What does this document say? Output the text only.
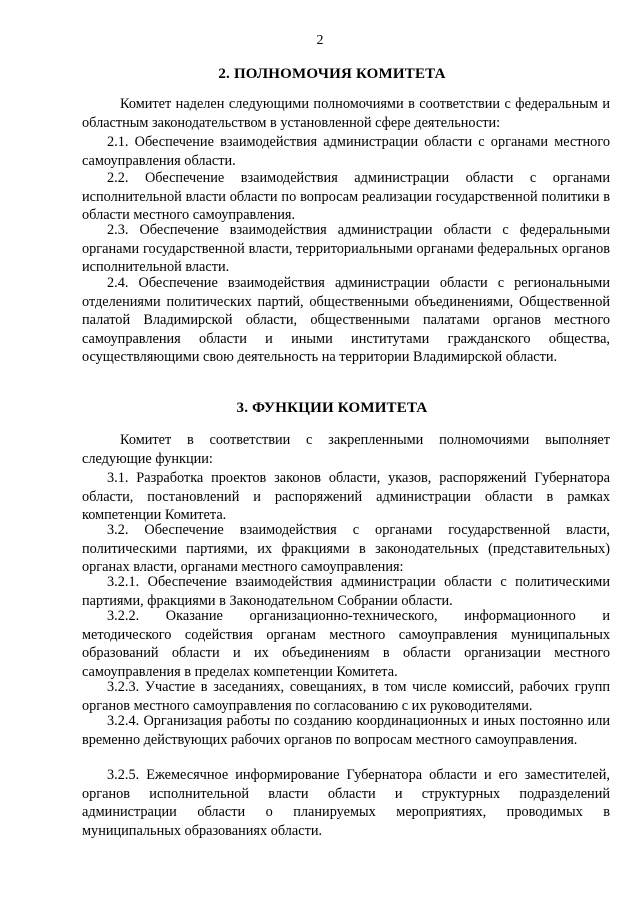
2
2. ПОЛНОМОЧИЯ КОМИТЕТА
Комитет наделен следующими полномочиями в соответствии с федеральным и областным законодательством в установленной сфере деятельности:
2.1. Обеспечение взаимодействия администрации области с органами местного самоуправления области.
2.2. Обеспечение взаимодействия администрации области с органами исполнительной власти области по вопросам реализации государственной политики в области местного самоуправления.
2.3. Обеспечение взаимодействия администрации области с федеральными органами государственной власти, территориальными органами федеральных органов исполнительной власти.
2.4. Обеспечение взаимодействия администрации области с региональными отделениями политических партий, общественными объединениями, Общественной палатой Владимирской области, общественными палатами органов местного самоуправления области и иными институтами гражданского общества, осуществляющими свою деятельность на территории Владимирской области.
3. ФУНКЦИИ КОМИТЕТА
Комитет в соответствии с закрепленными полномочиями выполняет следующие функции:
3.1. Разработка проектов законов области, указов, распоряжений Губернатора области, постановлений и распоряжений администрации области в рамках компетенции Комитета.
3.2. Обеспечение взаимодействия с органами государственной власти, политическими партиями, их фракциями в законодательных (представительных) органах власти, органами местного самоуправления:
3.2.1. Обеспечение взаимодействия администрации области с политическими партиями, фракциями в Законодательном Собрании области.
3.2.2. Оказание организационно-технического, информационного и методического содействия органам местного самоуправления муниципальных образований области и их объединениям в области организации местного самоуправления в пределах компетенции Комитета.
3.2.3. Участие в заседаниях, совещаниях, в том числе комиссий, рабочих групп органов местного самоуправления по согласованию с их руководителями.
3.2.4. Организация работы по созданию координационных и иных постоянно или временно действующих рабочих органов по вопросам местного самоуправления.
3.2.5. Ежемесячное информирование Губернатора области и его заместителей, органов исполнительной власти области и структурных подразделений администрации области о планируемых мероприятиях, проводимых в муниципальных образованиях области.
